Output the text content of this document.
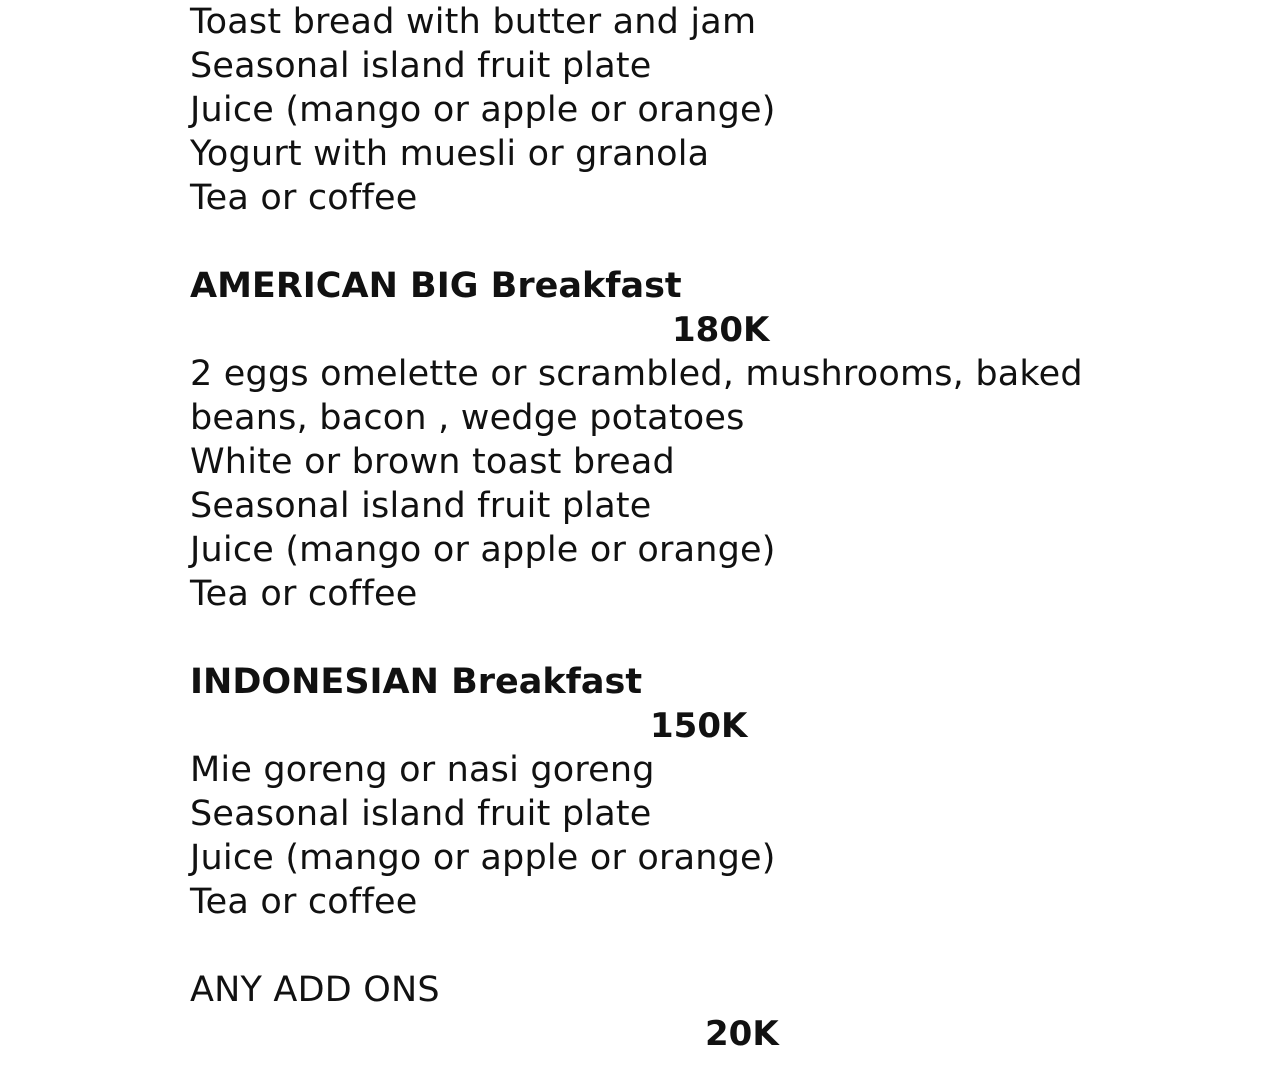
Toast bread with butter and jam
Seasonal island fruit plate
Juice (mango or apple or orange)
Yogurt with muesli or granola
Tea or coffee
AMERICAN BIG Breakfast
180K
2 eggs omelette or scrambled, mushrooms, baked
beans, bacon , wedge potatoes
White or brown toast bread
Seasonal island fruit plate
Juice (mango or apple or orange)
Tea or coffee
INDONESIAN Breakfast
150K
Mie goreng or nasi goreng
Seasonal island fruit plate
Juice (mango or apple or orange)
Tea or coffee
ANY ADD ONS
20K
